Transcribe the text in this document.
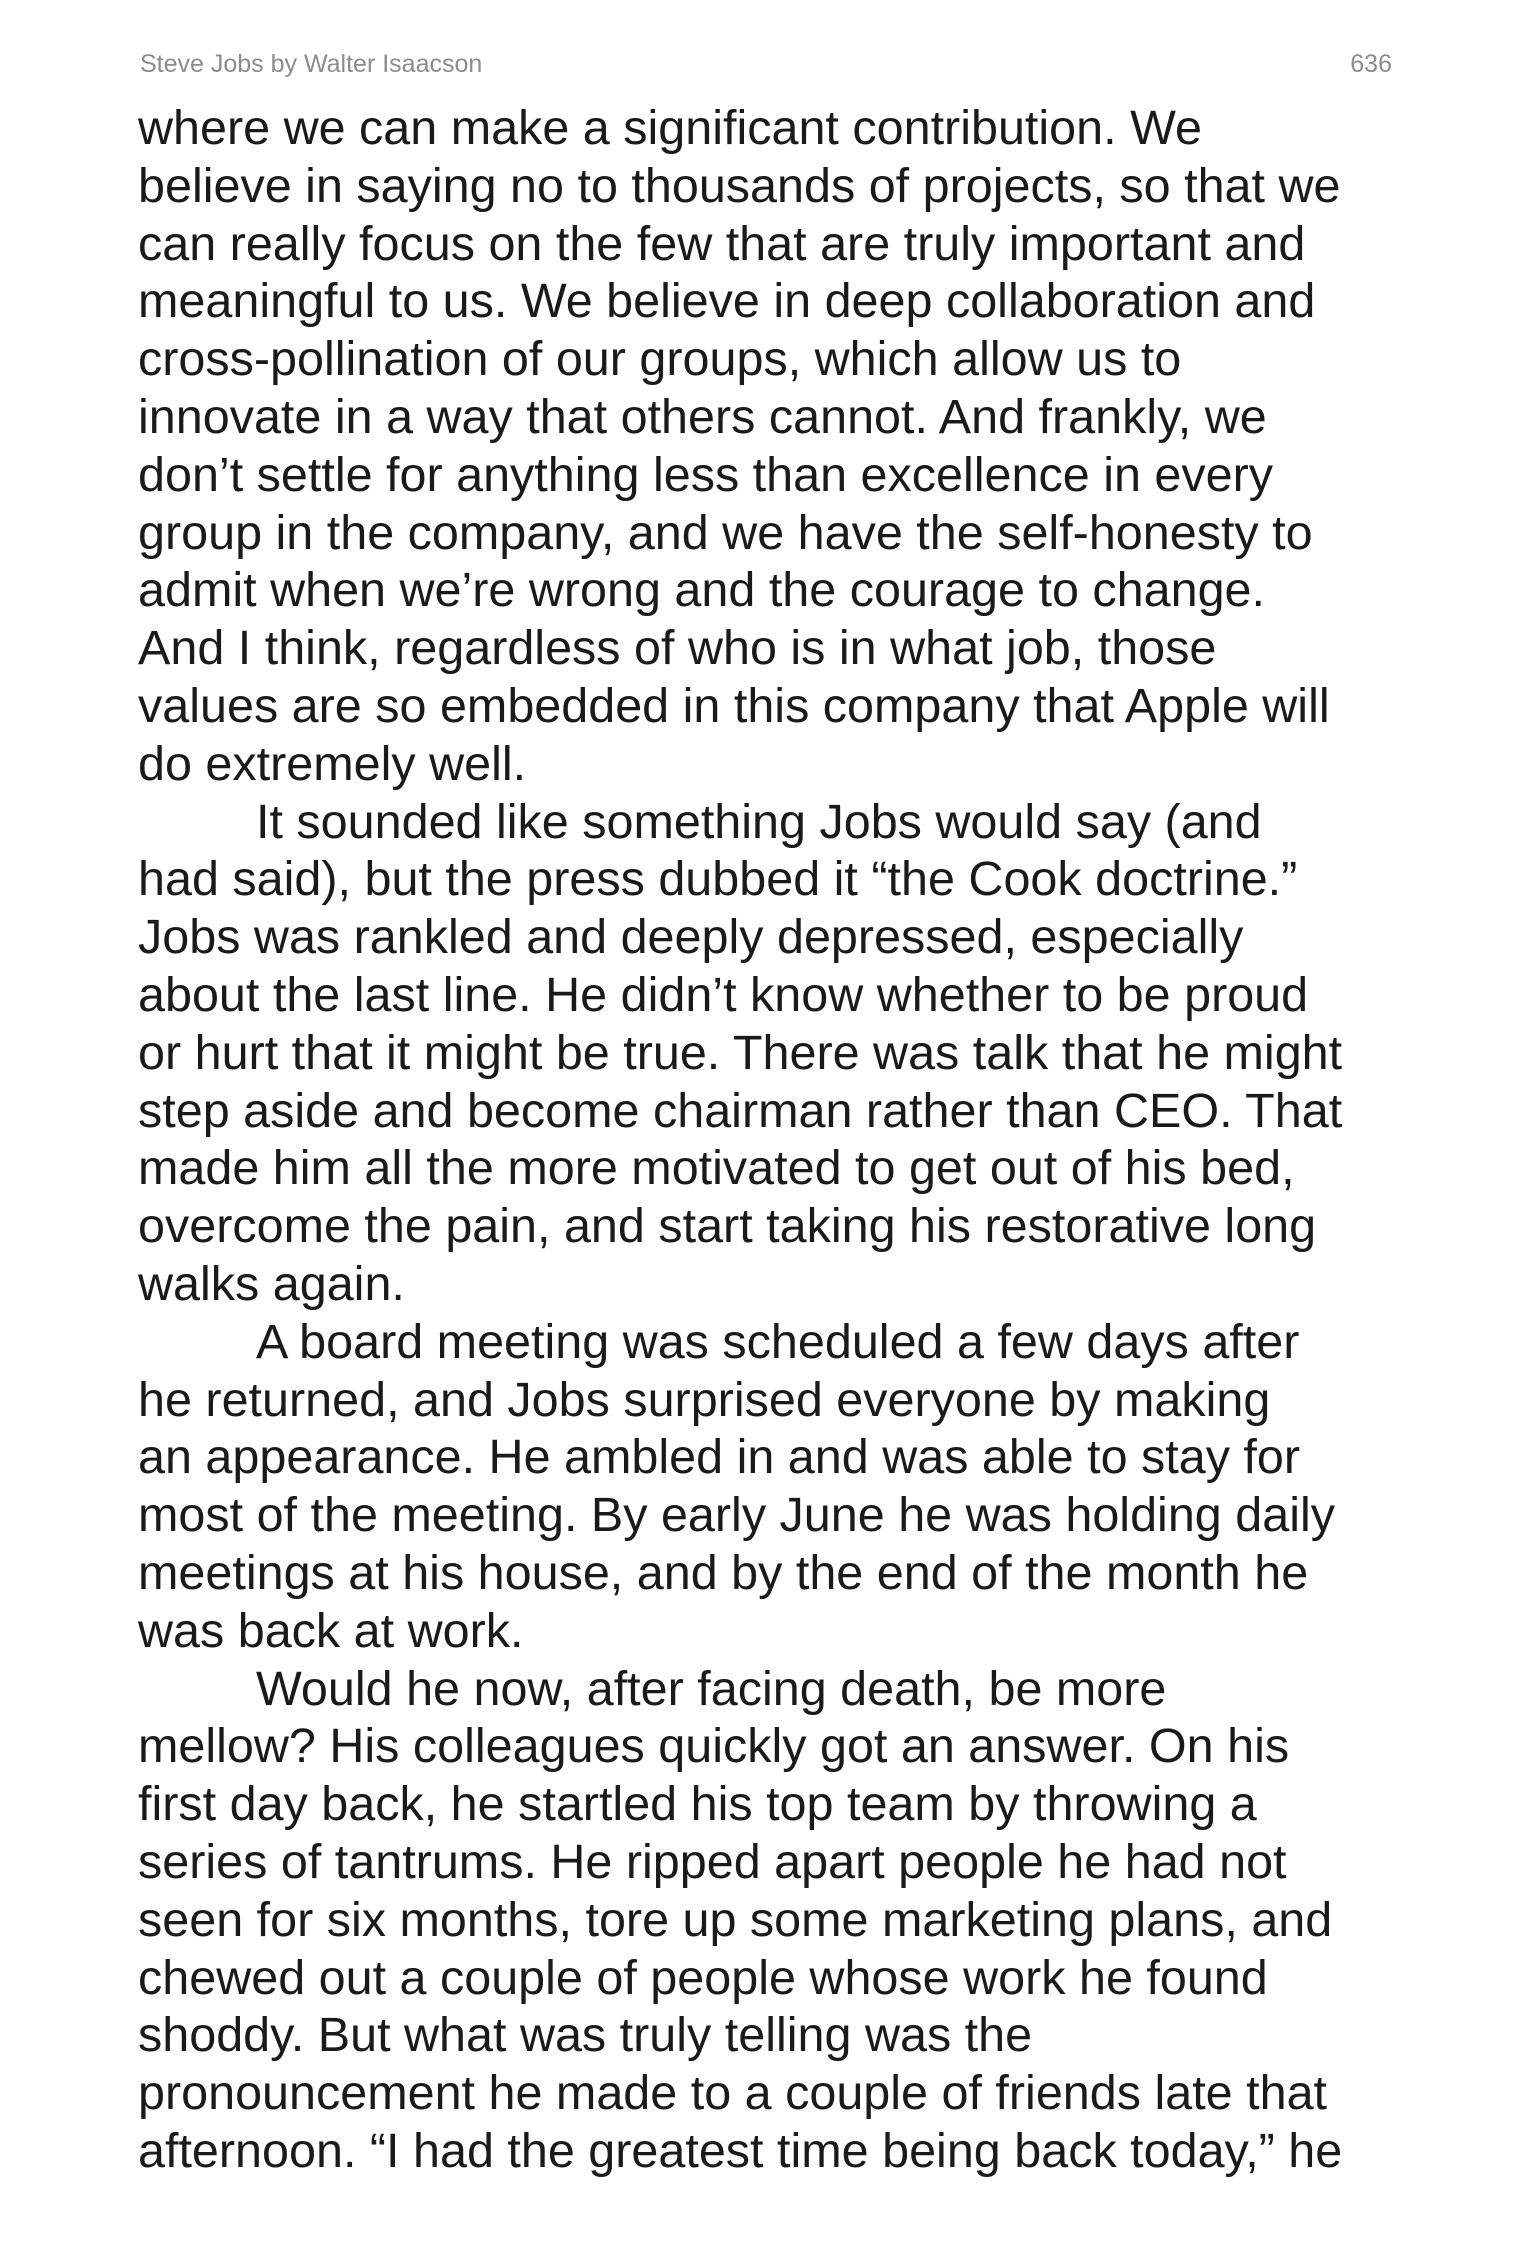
Steve Jobs by Walter Isaacson	636
where we can make a significant contribution. We
believe in saying no to thousands of projects, so that we
can really focus on the few that are truly important and
meaningful to us. We believe in deep collaboration and
cross-pollination of our groups, which allow us to
innovate in a way that others cannot. And frankly, we
don’t settle for anything less than excellence in every
group in the company, and we have the self-honesty to
admit when we’re wrong and the courage to change.
And I think, regardless of who is in what job, those
values are so embedded in this company that Apple will
do extremely well.
It sounded like something Jobs would say (and
had said), but the press dubbed it “the Cook doctrine.”
Jobs was rankled and deeply depressed, especially
about the last line. He didn’t know whether to be proud
or hurt that it might be true. There was talk that he might
step aside and become chairman rather than CEO. That
made him all the more motivated to get out of his bed,
overcome the pain, and start taking his restorative long
walks again.
A board meeting was scheduled a few days after
he returned, and Jobs surprised everyone by making
an appearance. He ambled in and was able to stay for
most of the meeting. By early June he was holding daily
meetings at his house, and by the end of the month he
was back at work.
Would he now, after facing death, be more
mellow? His colleagues quickly got an answer. On his
first day back, he startled his top team by throwing a
series of tantrums. He ripped apart people he had not
seen for six months, tore up some marketing plans, and
chewed out a couple of people whose work he found
shoddy. But what was truly telling was the
pronouncement he made to a couple of friends late that
afternoon. “I had the greatest time being back today,” he
